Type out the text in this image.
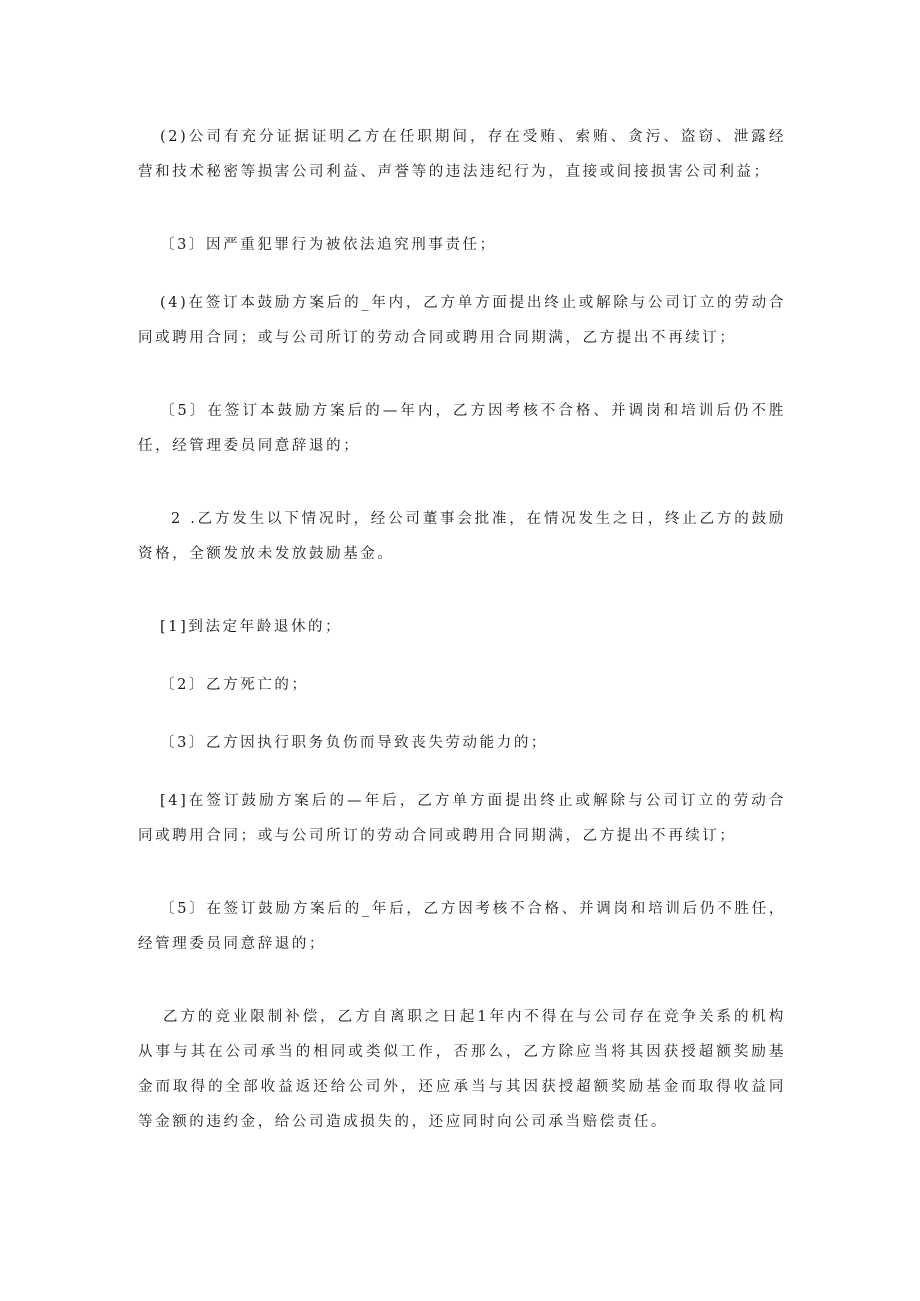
(2)公司有充分证据证明乙方在任职期间，存在受贿、索贿、贪污、盗窃、泄露经营和技术秘密等损害公司利益、声誉等的违法违纪行为，直接或间接损害公司利益；

〔3〕因严重犯罪行为被依法追究刑事责任；

(4)在签订本鼓励方案后的_年内，乙方单方面提出终止或解除与公司订立的劳动合同或聘用合同；或与公司所订的劳动合同或聘用合同期满，乙方提出不再续订；

〔5〕在签订本鼓励方案后的—年内，乙方因考核不合格、并调岗和培训后仍不胜任，经管理委员同意辞退的；

2 .乙方发生以下情况时，经公司董事会批准，在情况发生之日，终止乙方的鼓励资格，全额发放未发放鼓励基金。

[1]到法定年龄退休的；

〔2〕乙方死亡的；

〔3〕乙方因执行职务负伤而导致丧失劳动能力的；

[4]在签订鼓励方案后的—年后，乙方单方面提出终止或解除与公司订立的劳动合同或聘用合同；或与公司所订的劳动合同或聘用合同期满，乙方提出不再续订；

〔5〕在签订鼓励方案后的_年后，乙方因考核不合格、并调岗和培训后仍不胜任，经管理委员同意辞退的；

乙方的竞业限制补偿，乙方自离职之日起1年内不得在与公司存在竞争关系的机构从事与其在公司承当的相同或类似工作，否那么，乙方除应当将其因获授超额奖励基金而取得的全部收益返还给公司外，还应承当与其因获授超额奖励基金而取得收益同等金额的违约金，给公司造成损失的，还应同时向公司承当赔偿责任。
